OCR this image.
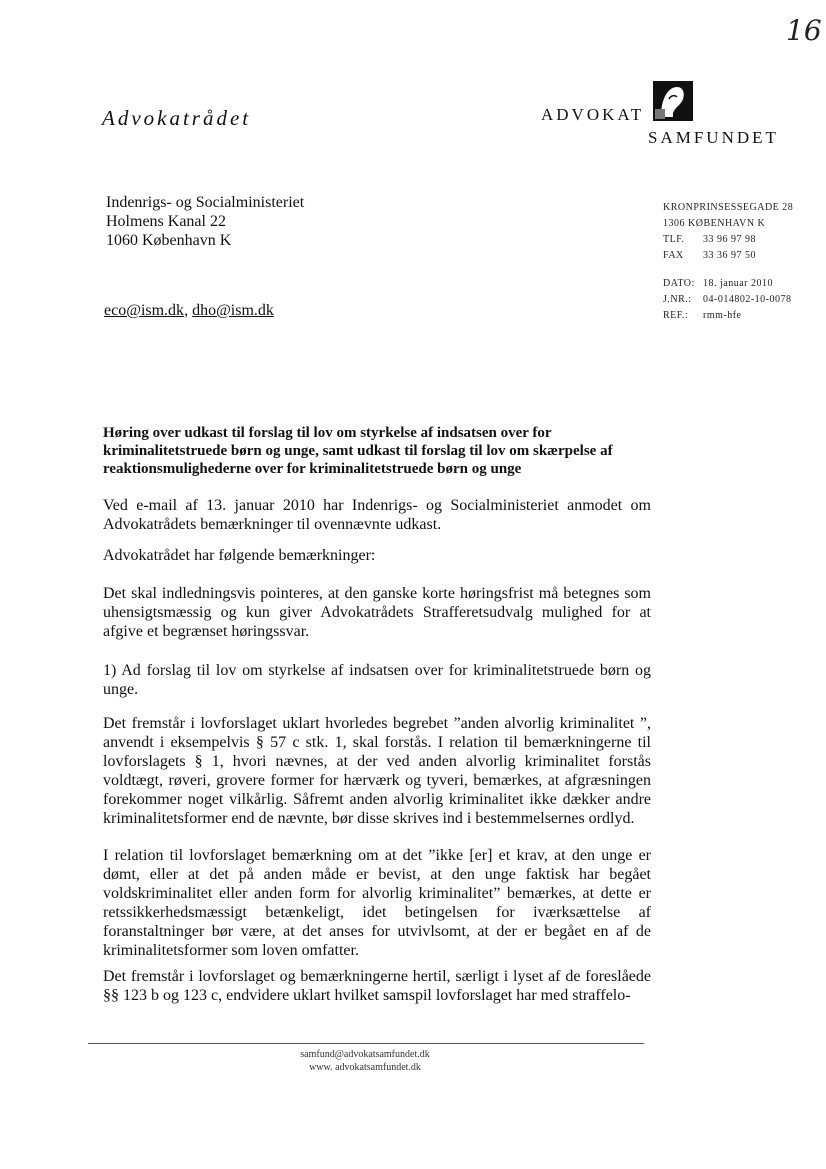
16
Advokatrådet	ADVOKAT
SAMFUNDET
Indenrigs- og Socialministeriet
Holmens Kanal 22
1060 København K
eco@ism.dk, dho@ism.dk
KRONPRINSESSEGADE 28
1306 KØBENHAVN K
TLF. 33 96 97 98
FAX 33 36 97 50
DATO: 18. januar 2010
J.NR.: 04-014802-10-0078
REF.: rmm-hfe
Høring over udkast til forslag til lov om styrkelse af indsatsen over for kriminalitetstruede børn og unge, samt udkast til forslag til lov om skærpelse af reaktionsmulighederne over for kriminalitetstruede børn og unge
Ved e-mail af 13. januar 2010 har Indenrigs- og Socialministeriet anmodet om Advokatrådets bemærkninger til ovennævnte udkast.
Advokatrådet har følgende bemærkninger:
Det skal indledningsvis pointeres, at den ganske korte høringsfrist må betegnes som uhensigtsmæssig og kun giver Advokatrådets Strafferetsudvalg mulighed for at afgive et begrænset høringssvar.
1) Ad forslag til lov om styrkelse af indsatsen over for kriminalitetstruede børn og unge.
Det fremstår i lovforslaget uklart hvorledes begrebet ”anden alvorlig kriminalitet ”, anvendt i eksempelvis § 57 c stk. 1, skal forstås. I relation til bemærkningerne til lovforslagets § 1, hvori nævnes, at der ved anden alvorlig kriminalitet forstås voldtægt, røveri, grovere former for hærværk og tyveri, bemærkes, at afgræsningen forekommer noget vilkårlig. Såfremt anden alvorlig kriminalitet ikke dækker andre kriminalitetsformer end de nævnte, bør disse skrives ind i bestemmelsernes ordlyd.
I relation til lovforslaget bemærkning om at det ”ikke [er] et krav, at den unge er dømt, eller at det på anden måde er bevist, at den unge faktisk har begået voldskriminalitet eller anden form for alvorlig kriminalitet” bemærkes, at dette er retssikkerhedsmæssigt betænkeligt, idet betingelsen for iværksættelse af foranstaltninger bør være, at det anses for utvivlsomt, at der er begået en af de kriminalitetsformer som loven omfatter.
Det fremstår i lovforslaget og bemærkningerne hertil, særligt i lyset af de foreslåede §§ 123 b og 123 c, endvidere uklart hvilket samspil lovforslaget har med straffelo-
samfund@advokatsamfundet.dk
www. advokatsamfundet.dk
